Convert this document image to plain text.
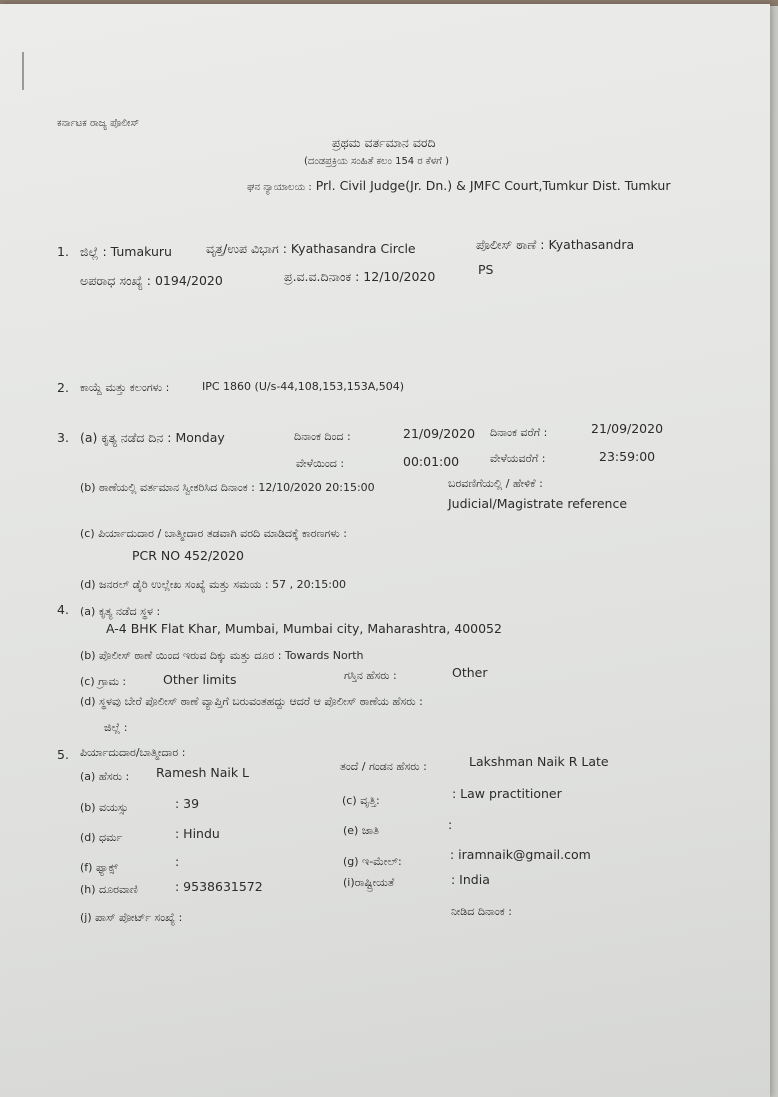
ಕರ್ನಾಟಕ ರಾಜ್ಯ ಪೊಲೀಸ್
ಪ್ರಥಮ ವರ್ತಮಾನ ವರದಿ
(ದಂಡಪ್ರಕ್ರಿಯ ಸಂಹಿತೆ ಕಲಂ 154 ರ ಕೆಳಗೆ )
ಘನ ನ್ಯಾಯಾಲಯ : Prl. Civil Judge(Jr. Dn.) & JMFC Court,Tumkur Dist. Tumkur
1. ಜಿಲ್ಲೆ : Tumakuru	ವೃತ್ತ/ಉಪ ವಿಭಾಗ : Kyathasandra Circle	ಪೊಲೀಸ್ ಠಾಣೆ : Kyathasandra
PS
ಅಪರಾಧ ಸಂಖ್ಯೆ : 0194/2020	ಪ್ರ.ವ.ವ.ದಿನಾಂಕ : 12/10/2020
2. ಕಾಯ್ದೆ ಮತ್ತು ಕಲಂಗಳು :	IPC 1860 (U/s-44,108,153,153A,504)
3. (a) ಕೃತ್ಯ ನಡೆದ ದಿನ : Monday	ದಿನಾಂಕ ದಿಂದ :	21/09/2020 ದಿನಾಂಕ ವರೆಗೆ :	21/09/2020
ವೇಳೆಯಿಂದ :	00:01:00	ವೇಳೆಯವರೆಗೆ :	23:59:00
(b) ಠಾಣೆಯಲ್ಲಿ ವರ್ತಮಾನ ಸ್ವೀಕರಿಸಿದ ದಿನಾಂಕ : 12/10/2020 20:15:00	ಬರವಣಿಗೆಯಲ್ಲಿ / ಹೇಳಿಕೆ :
Judicial/Magistrate reference
(c) ಪಿರ್ಯಾದುದಾರ / ಬಾತ್ಮೀದಾರ ತಡವಾಗಿ ವರದಿ ಮಾಡಿದಕ್ಕೆ ಕಾರಣಗಳು :
PCR NO 452/2020
(d) ಜನರಲ್ ಡೈರಿ ಉಲ್ಲೇಖ ಸಂಖ್ಯೆ ಮತ್ತು ಸಮಯ : 57 , 20:15:00
4. (a) ಕೃತ್ಯ ನಡೆದ ಸ್ಥಳ :
A-4 BHK Flat Khar, Mumbai, Mumbai city, Maharashtra, 400052
(b) ಪೊಲೀಸ್ ಠಾಣೆ ಯಿಂದ ಇರುವ ದಿಕ್ಕು ಮತ್ತು ದೂರ : Towards North
(c) ಗ್ರಾಮ :	Other limits	ಗಸ್ತಿನ ಹೆಸರು :	Other
(d) ಸ್ಥಳವು ಬೇರೆ ಪೊಲೀಸ್ ಠಾಣೆ ವ್ಯಾಪ್ತಿಗೆ ಬರುವಂತಹದ್ದು ಆದರೆ ಆ ಪೊಲೀಸ್ ಠಾಣೆಯ ಹೆಸರು :
ಜಿಲ್ಲೆ :
5. ಪಿರ್ಯಾದುದಾರ/ಬಾತ್ಮೀದಾರ :
(a) ಹೆಸರು : Ramesh Naik L	ತಂದೆ / ಗಂಡನ ಹೆಸರು :	Lakshman Naik R Late
(b) ವಯಸ್ಸು	: 39	(c) ವೃತ್ತಿ:	: Law practitioner
(d) ಧರ್ಮ	: Hindu	(e) ಜಾತಿ	:
(f) ಫ್ಯಾಕ್ಸ್	:	(g) ಇ-ಮೇಲ್:	: iramnaik@gmail.com
(h) ದೂರವಾಣಿ	: 9538631572	(i)ರಾಷ್ಟ್ರೀಯತೆ	: India
ನೀಡಿದ ದಿನಾಂಕ :
(j) ಪಾಸ್ ಪೋರ್ಟ್ ಸಂಖ್ಯೆ :
